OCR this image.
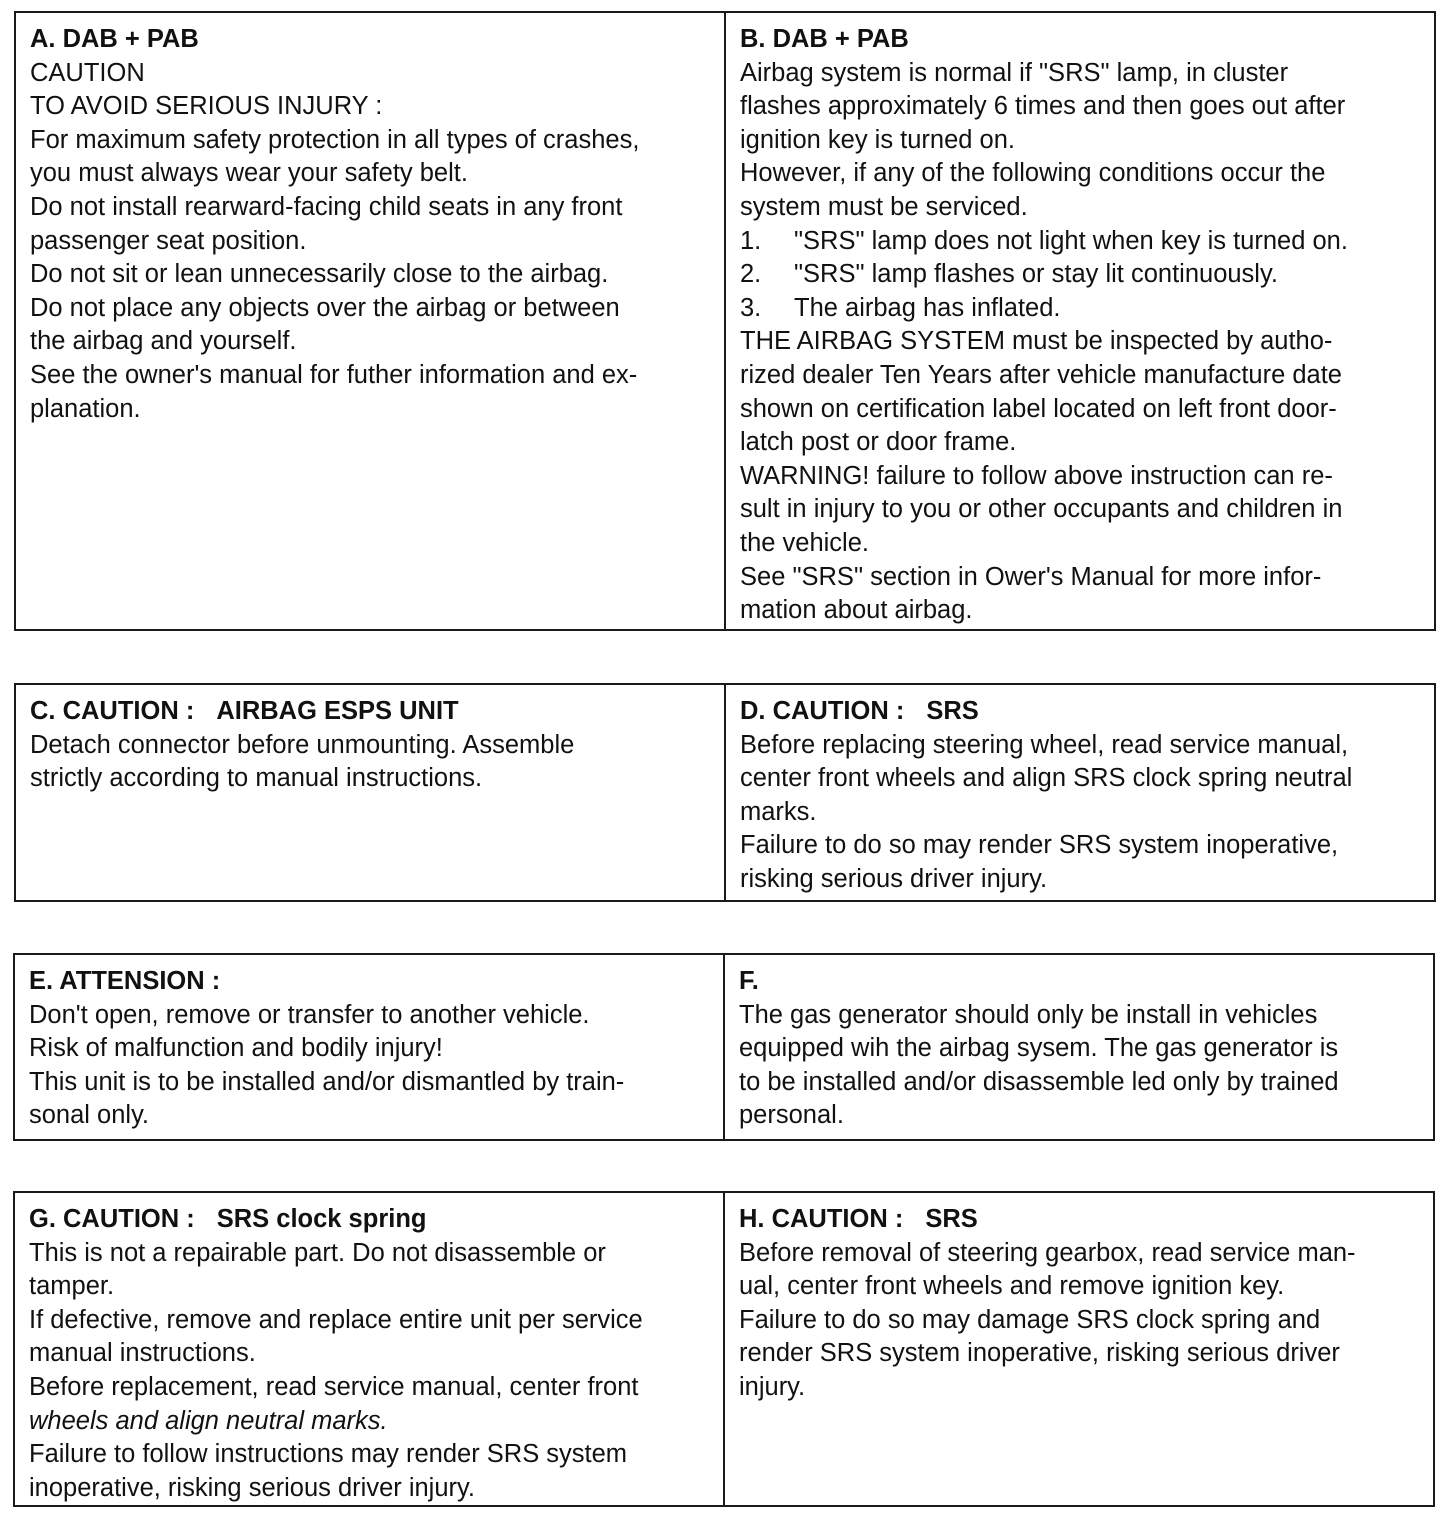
A. DAB + PAB
CAUTION
TO AVOID SERIOUS INJURY :
For maximum safety protection in all types of crashes,
you must always wear your safety belt.
Do not install rearward-facing child seats in any front
passenger seat position.
Do not sit or lean unnecessarily close to the airbag.
Do not place any objects over the airbag or between
the airbag and yourself.
See the owner's manual for futher information and ex-
planation.
B. DAB + PAB
Airbag system is normal if "SRS" lamp, in cluster
flashes approximately 6 times and then goes out after
ignition key is turned on.
However, if any of the following conditions occur the
system must be serviced.
1. "SRS" lamp does not light when key is turned on.
2. "SRS" lamp flashes or stay lit continuously.
3. The airbag has inflated.
THE AIRBAG SYSTEM must be inspected by autho-
rized dealer Ten Years after vehicle manufacture date
shown on certification label located on left front door-
latch post or door frame.
WARNING! failure to follow above instruction can re-
sult in injury to you or other occupants and children in
the vehicle.
See "SRS" section in Ower's Manual for more infor-
mation about airbag.
C. CAUTION : AIRBAG ESPS UNIT
Detach connector before unmounting. Assemble
strictly according to manual instructions.
D. CAUTION : SRS
Before replacing steering wheel, read service manual,
center front wheels and align SRS clock spring neutral
marks.
Failure to do so may render SRS system inoperative,
risking serious driver injury.
E. ATTENSION :
Don't open, remove or transfer to another vehicle.
Risk of malfunction and bodily injury!
This unit is to be installed and/or dismantled by train-
sonal only.
F.
The gas generator should only be install in vehicles
equipped wih the airbag sysem. The gas generator is
to be installed and/or disassemble led only by trained
personal.
G. CAUTION : SRS clock spring
This is not a repairable part. Do not disassemble or
tamper.
If defective, remove and replace entire unit per service
manual instructions.
Before replacement, read service manual, center front
wheels and align neutral marks.
Failure to follow instructions may render SRS system
inoperative, risking serious driver injury.
H. CAUTION : SRS
Before removal of steering gearbox, read service man-
ual, center front wheels and remove ignition key.
Failure to do so may damage SRS clock spring and
render SRS system inoperative, risking serious driver
injury.
